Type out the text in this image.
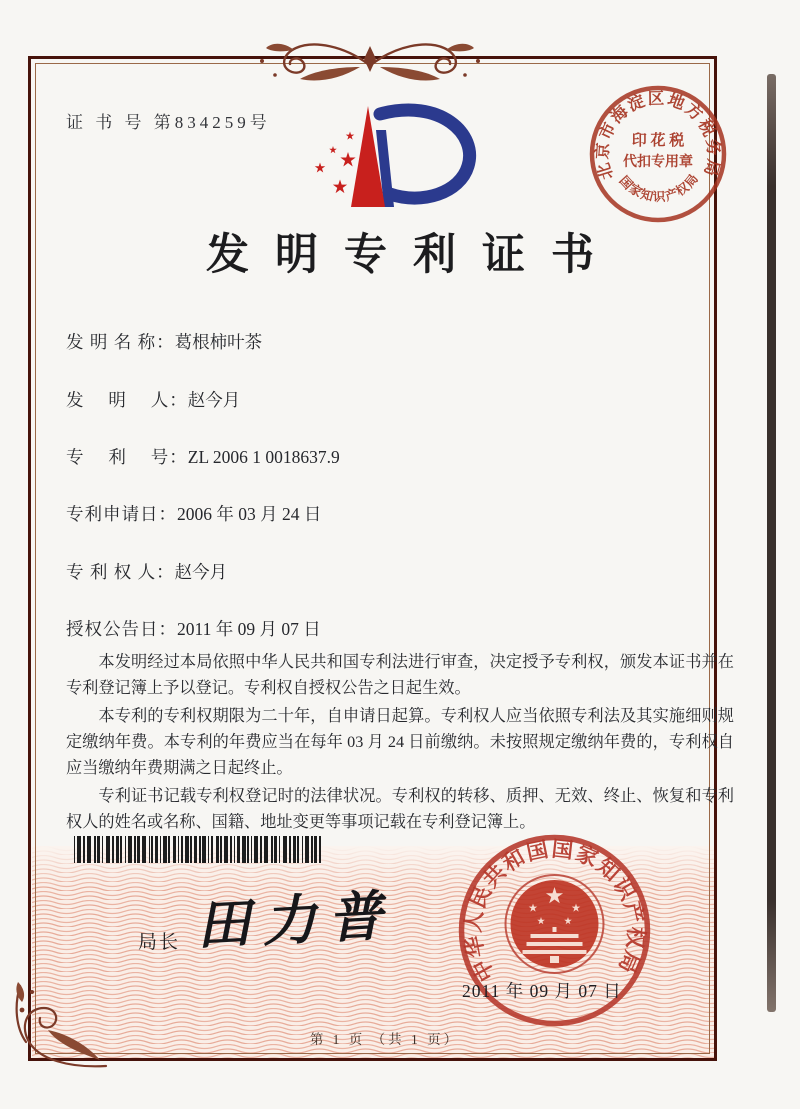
证 书 号 第834259号
北京市海淀区地方税务局
国家知识产权局
印 花 税
代扣专用章
发明专利证书
发 明 名 称：葛根柿叶茶
发　 明　 人：赵今月
专　 利　 号：ZL 2006 1 0018637.9
专利申请日：2006 年 03 月 24 日
专 利 权 人：赵今月
授权公告日：2011 年 09 月 07 日

本发明经过本局依照中华人民共和国专利法进行审查，决定授予专利权，颁发本证书并在专利登记簿上予以登记。专利权自授权公告之日起生效。

本专利的专利权期限为二十年，自申请日起算。专利权人应当依照专利法及其实施细则规定缴纳年费。本专利的年费应当在每年 03 月 24 日前缴纳。未按照规定缴纳年费的，专利权自应当缴纳年费期满之日起终止。

专利证书记载专利权登记时的法律状况。专利权的转移、质押、无效、终止、恢复和专利权人的姓名或名称、国籍、地址变更等事项记载在专利登记簿上。

局长 田力普
中华人民共和国国家知识产权局
2011 年 09 月 07 日
第 1 页 （共 1 页）
